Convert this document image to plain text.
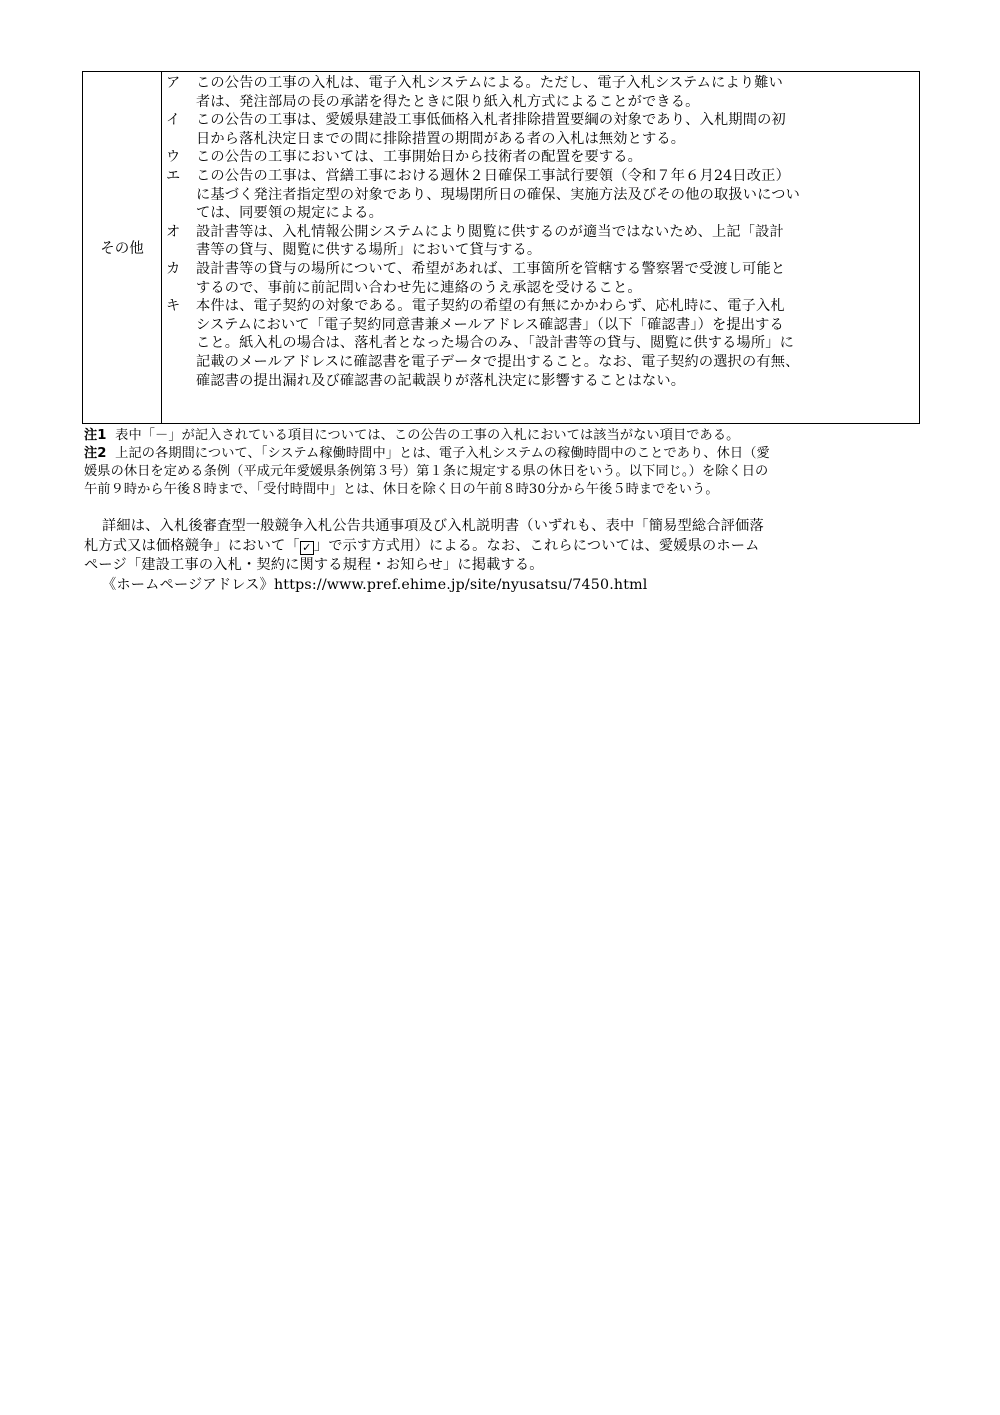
その他	
ア	この公告の工事の入札は、電子入札システムによる。ただし、電子入札システムにより難い
者は、発注部局の長の承諾を得たときに限り紙入札方式によることができる。
イ	この公告の工事は、愛媛県建設工事低価格入札者排除措置要綱の対象であり、入札期間の初
日から落札決定日までの間に排除措置の期間がある者の入札は無効とする。
ウ	この公告の工事においては、工事開始日から技術者の配置を要する。
エ	この公告の工事は、営繕工事における週休２日確保工事試行要領（令和７年６月24日改正）
に基づく発注者指定型の対象であり、現場閉所日の確保、実施方法及びその他の取扱いについ
ては、同要領の規定による。
オ	設計書等は、入札情報公開システムにより閲覧に供するのが適当ではないため、上記「設計
書等の貸与、閲覧に供する場所」において貸与する。
カ	設計書等の貸与の場所について、希望があれば、工事箇所を管轄する警察署で受渡し可能と
するので、事前に前記問い合わせ先に連絡のうえ承認を受けること。
キ	本件は、電子契約の対象である。電子契約の希望の有無にかかわらず、応札時に、電子入札
システムにおいて「電子契約同意書兼メールアドレス確認書」（以下「確認書」）を提出する
こと。紙入札の場合は、落札者となった場合のみ、「設計書等の貸与、閲覧に供する場所」に
記載のメールアドレスに確認書を電子データで提出すること。なお、電子契約の選択の有無、
確認書の提出漏れ及び確認書の記載誤りが落札決定に影響することはない。
注1 表中「－」が記入されている項目については、この公告の工事の入札においては該当がない項目である。
注2 上記の各期間について、「システム稼働時間中」とは、電子入札システムの稼働時間中のことであり、休日（愛
媛県の休日を定める条例（平成元年愛媛県条例第３号）第１条に規定する県の休日をいう。以下同じ。）を除く日の
午前９時から午後８時まで、「受付時間中」とは、休日を除く日の午前８時30分から午後５時までをいう。

詳細は、入札後審査型一般競争入札公告共通事項及び入札説明書（いずれも、表中「簡易型総合評価落

札方式又は価格競争」において「 ✓ 」で示す方式用）による。なお、これらについては、愛媛県のホーム

ページ「建設工事の入札・契約に関する規程・お知らせ」に掲載する。

《ホームページアドレス》https://www.pref.ehime.jp/site/nyusatsu/7450.html
